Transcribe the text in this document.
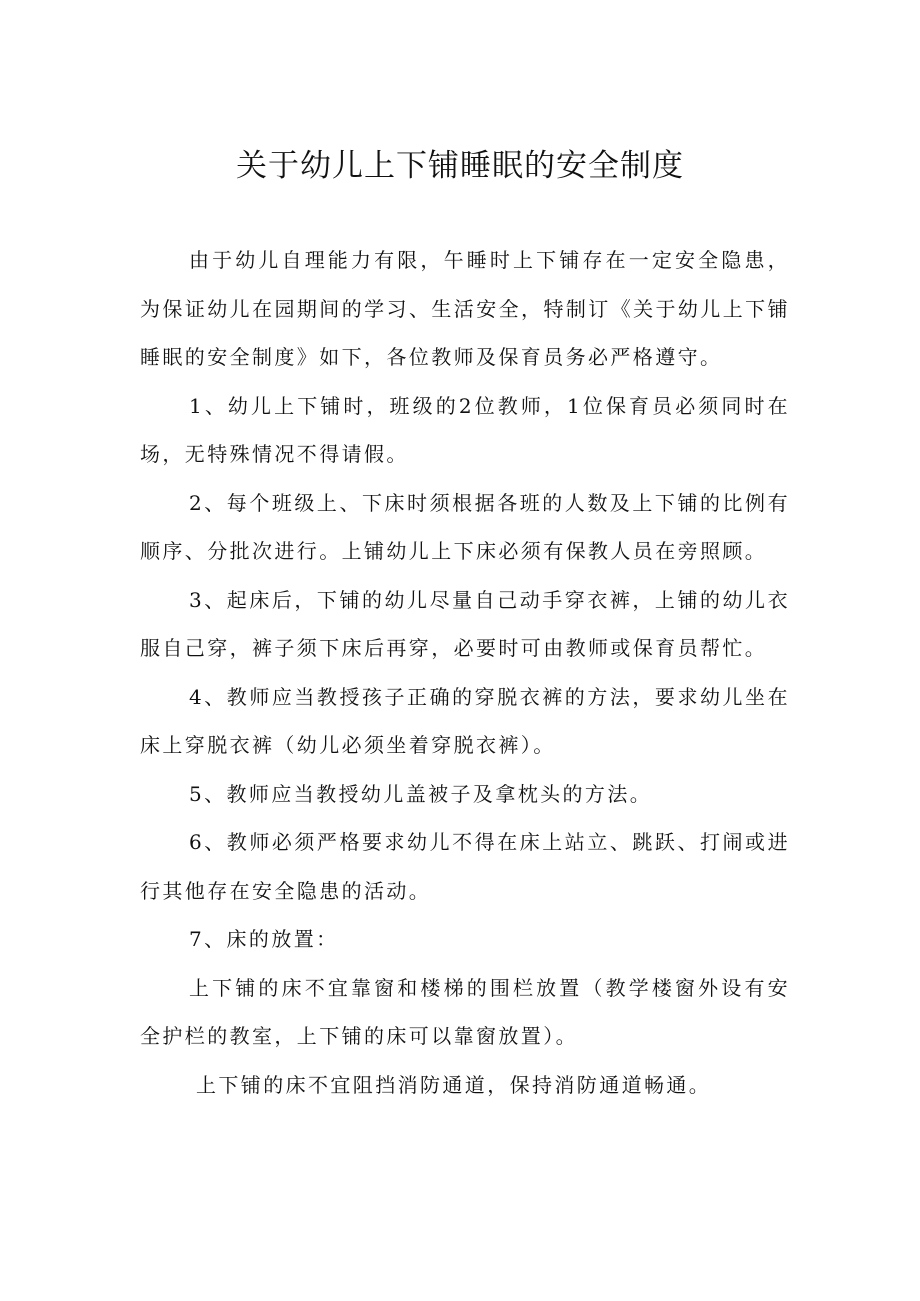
关于幼儿上下铺睡眠的安全制度

由于幼儿自理能力有限，午睡时上下铺存在一定安全隐患，为保证幼儿在园期间的学习、生活安全，特制订《关于幼儿上下铺睡眠的安全制度》如下，各位教师及保育员务必严格遵守。

1、幼儿上下铺时，班级的2位教师，1位保育员必须同时在场，无特殊情况不得请假。

2、每个班级上、下床时须根据各班的人数及上下铺的比例有顺序、分批次进行。上铺幼儿上下床必须有保教人员在旁照顾。

3、起床后，下铺的幼儿尽量自己动手穿衣裤，上铺的幼儿衣服自己穿，裤子须下床后再穿，必要时可由教师或保育员帮忙。

4、教师应当教授孩子正确的穿脱衣裤的方法，要求幼儿坐在床上穿脱衣裤（幼儿必须坐着穿脱衣裤）。

5、教师应当教授幼儿盖被子及拿枕头的方法。

6、教师必须严格要求幼儿不得在床上站立、跳跃、打闹或进行其他存在安全隐患的活动。

7、床的放置：

上下铺的床不宜靠窗和楼梯的围栏放置（教学楼窗外设有安全护栏的教室，上下铺的床可以靠窗放置）。

上下铺的床不宜阻挡消防通道，保持消防通道畅通。
